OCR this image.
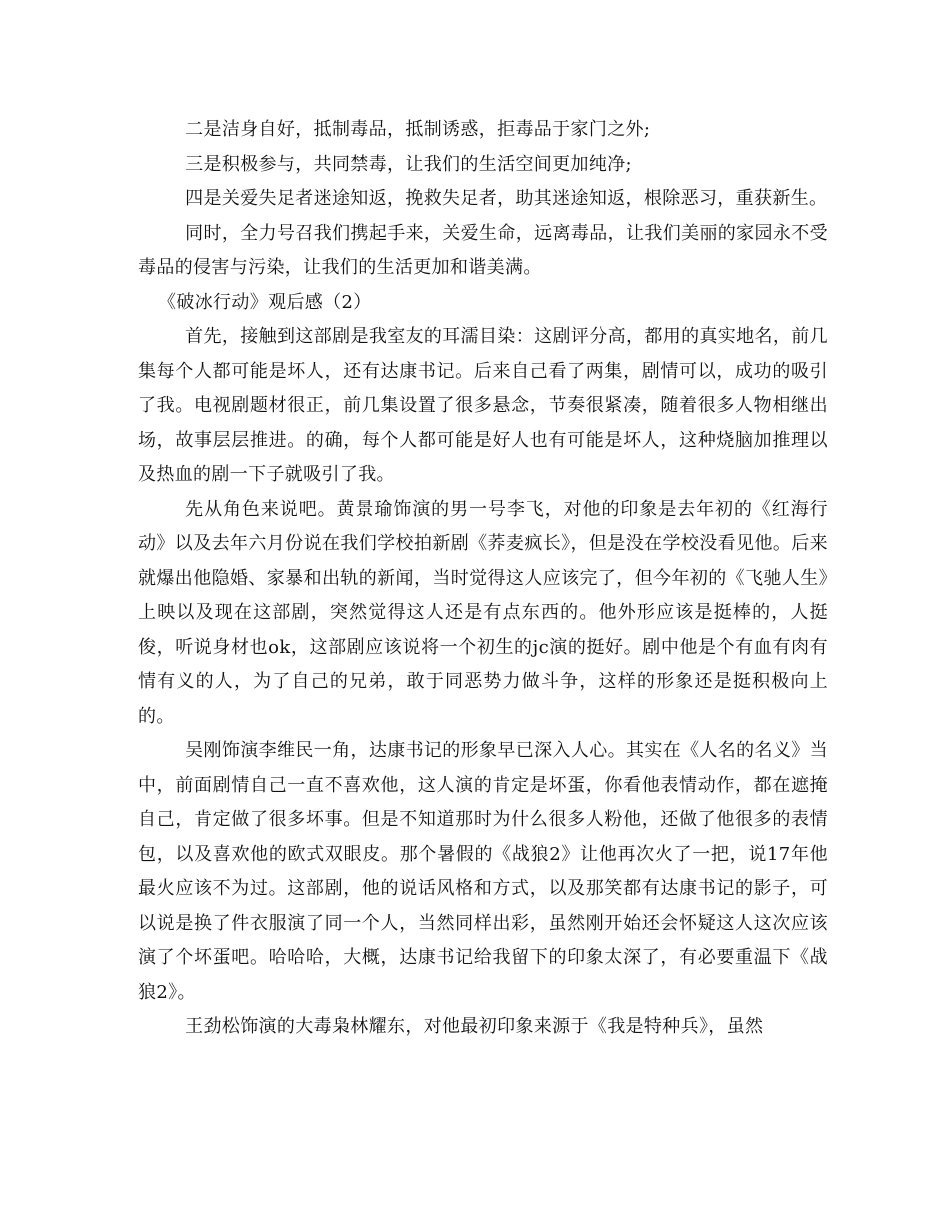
二是洁身自好，抵制毒品，抵制诱惑，拒毒品于家门之外;

三是积极参与，共同禁毒，让我们的生活空间更加纯净;

四是关爱失足者迷途知返，挽救失足者，助其迷途知返，根除恶习，重获新生。

同时，全力号召我们携起手来，关爱生命，远离毒品，让我们美丽的家园永不受毒品的侵害与污染，让我们的生活更加和谐美满。

《破冰行动》观后感（2）

首先，接触到这部剧是我室友的耳濡目染：这剧评分高，都用的真实地名，前几集每个人都可能是坏人，还有达康书记。后来自己看了两集，剧情可以，成功的吸引了我。电视剧题材很正，前几集设置了很多悬念，节奏很紧凑，随着很多人物相继出场，故事层层推进。的确，每个人都可能是好人也有可能是坏人，这种烧脑加推理以及热血的剧一下子就吸引了我。

先从角色来说吧。黄景瑜饰演的男一号李飞，对他的印象是去年初的《红海行动》以及去年六月份说在我们学校拍新剧《荞麦疯长》，但是没在学校没看见他。后来就爆出他隐婚、家暴和出轨的新闻，当时觉得这人应该完了，但今年初的《飞驰人生》上映以及现在这部剧，突然觉得这人还是有点东西的。他外形应该是挺棒的，人挺俊，听说身材也ok，这部剧应该说将一个初生的jc演的挺好。剧中他是个有血有肉有情有义的人，为了自己的兄弟，敢于同恶势力做斗争，这样的形象还是挺积极向上的。

吴刚饰演李维民一角，达康书记的形象早已深入人心。其实在《人名的名义》当中，前面剧情自己一直不喜欢他，这人演的肯定是坏蛋，你看他表情动作，都在遮掩自己，肯定做了很多坏事。但是不知道那时为什么很多人粉他，还做了他很多的表情包，以及喜欢他的欧式双眼皮。那个暑假的《战狼2》让他再次火了一把，说17年他最火应该不为过。这部剧，他的说话风格和方式，以及那笑都有达康书记的影子，可以说是换了件衣服演了同一个人，当然同样出彩，虽然刚开始还会怀疑这人这次应该演了个坏蛋吧。哈哈哈，大概，达康书记给我留下的印象太深了，有必要重温下《战狼2》。

王劲松饰演的大毒枭林耀东，对他最初印象来源于《我是特种兵》，虽然
